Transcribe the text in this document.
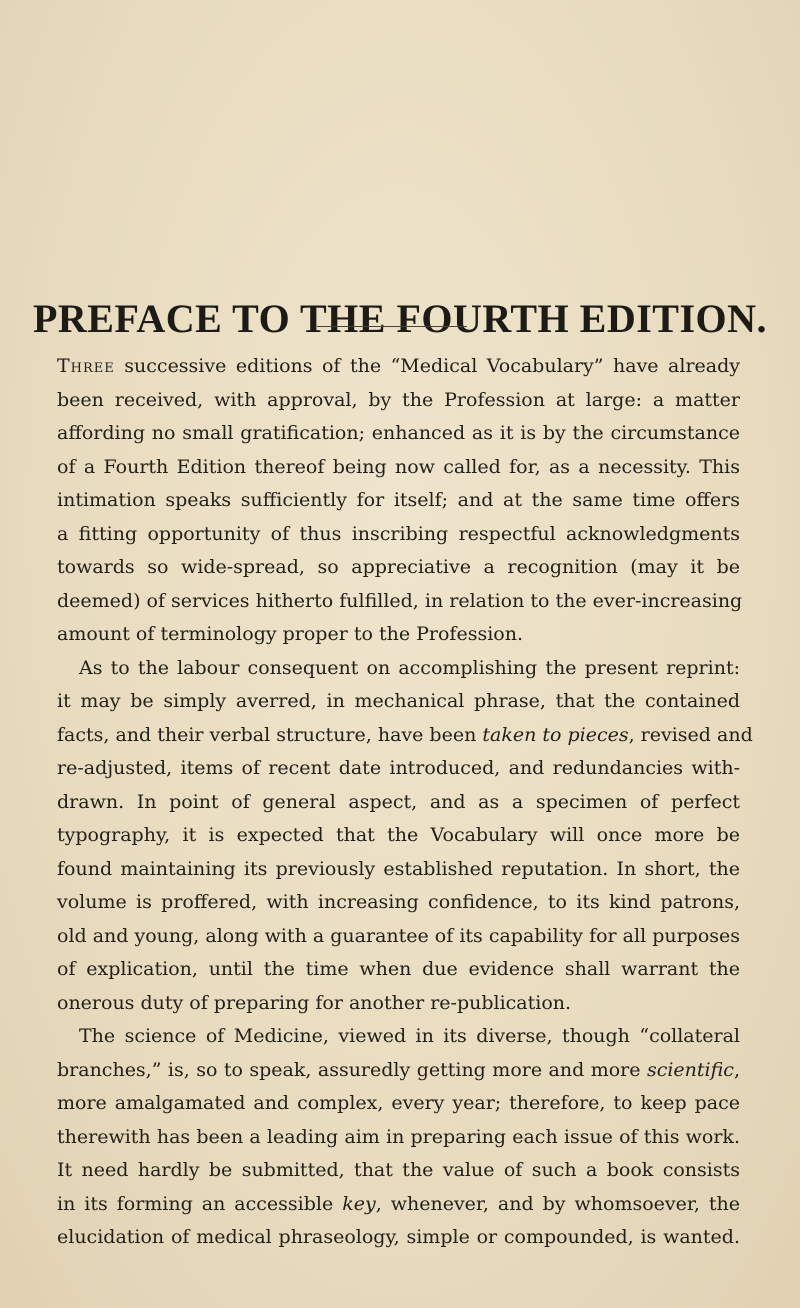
PREFACE TO THE FOURTH EDITION.
Three successive editions of the “Medical Vocabulary” have already
been received, with approval, by the Profession at large: a matter
affording no small gratification; enhanced as it is by the circumstance
of a Fourth Edition thereof being now called for, as a necessity. This
intimation speaks sufficiently for itself; and at the same time offers
a fitting opportunity of thus inscribing respectful acknowledgments
towards so wide-spread, so appreciative a recognition (may it be
deemed) of services hitherto fulfilled, in relation to the ever-increasing
amount of terminology proper to the Profession.
As to the labour consequent on accomplishing the present reprint:
it may be simply averred, in mechanical phrase, that the contained
facts, and their verbal structure, have been taken to pieces, revised and
re-adjusted, items of recent date introduced, and redundancies with-
drawn. In point of general aspect, and as a specimen of perfect
typography, it is expected that the Vocabulary will once more be
found maintaining its previously established reputation. In short, the
volume is proffered, with increasing confidence, to its kind patrons,
old and young, along with a guarantee of its capability for all purposes
of explication, until the time when due evidence shall warrant the
onerous duty of preparing for another re-publication.
The science of Medicine, viewed in its diverse, though “collateral
branches,” is, so to speak, assuredly getting more and more scientific,
more amalgamated and complex, every year; therefore, to keep pace
therewith has been a leading aim in preparing each issue of this work.
It need hardly be submitted, that the value of such a book consists
in its forming an accessible key, whenever, and by whomsoever, the
elucidation of medical phraseology, simple or compounded, is wanted.
